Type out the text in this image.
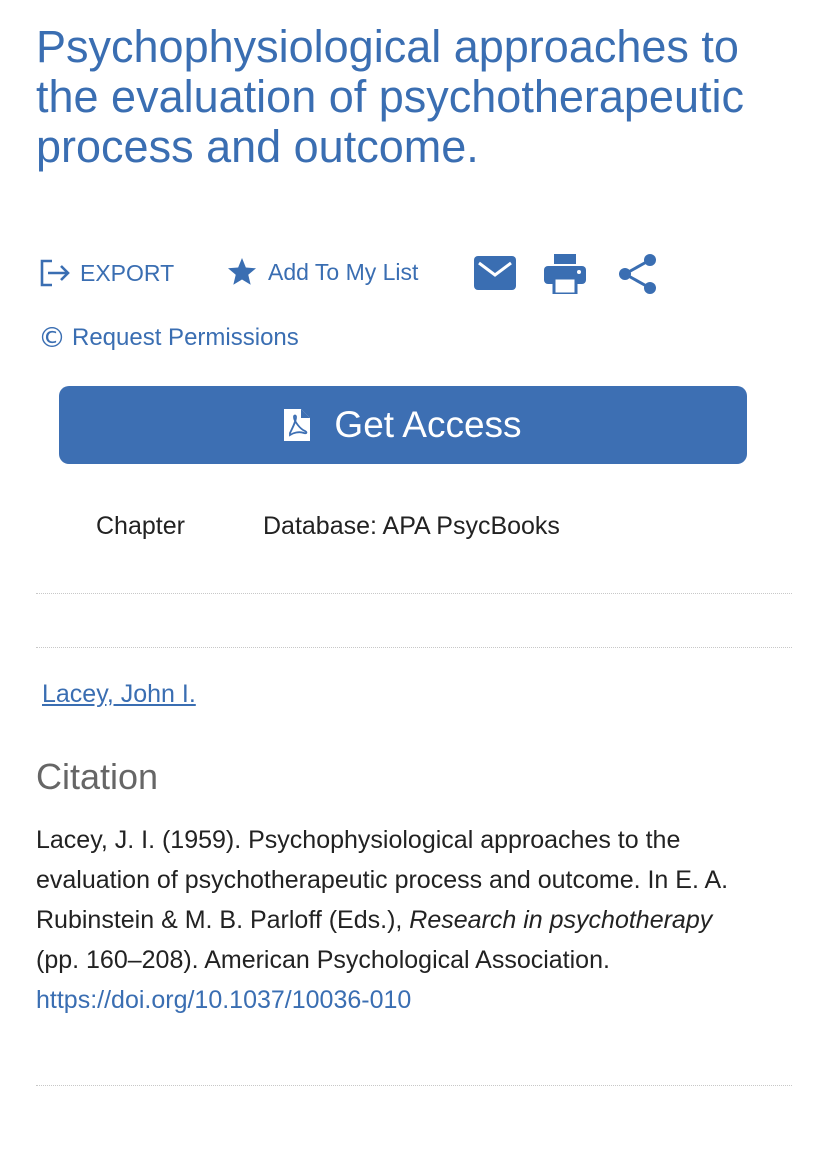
Psychophysiological approaches to the evaluation of psychotherapeutic process and outcome.
EXPORT	Add To My List
© Request Permissions
Get Access
Chapter	Database: APA PsycBooks
Lacey, John I.
Citation

Lacey, J. I. (1959). Psychophysiological approaches to the evaluation of psychotherapeutic process and outcome. In E. A. Rubinstein & M. B. Parloff (Eds.), Research in psychotherapy (pp. 160–208). American Psychological Association.
https://doi.org/10.1037/10036-010
